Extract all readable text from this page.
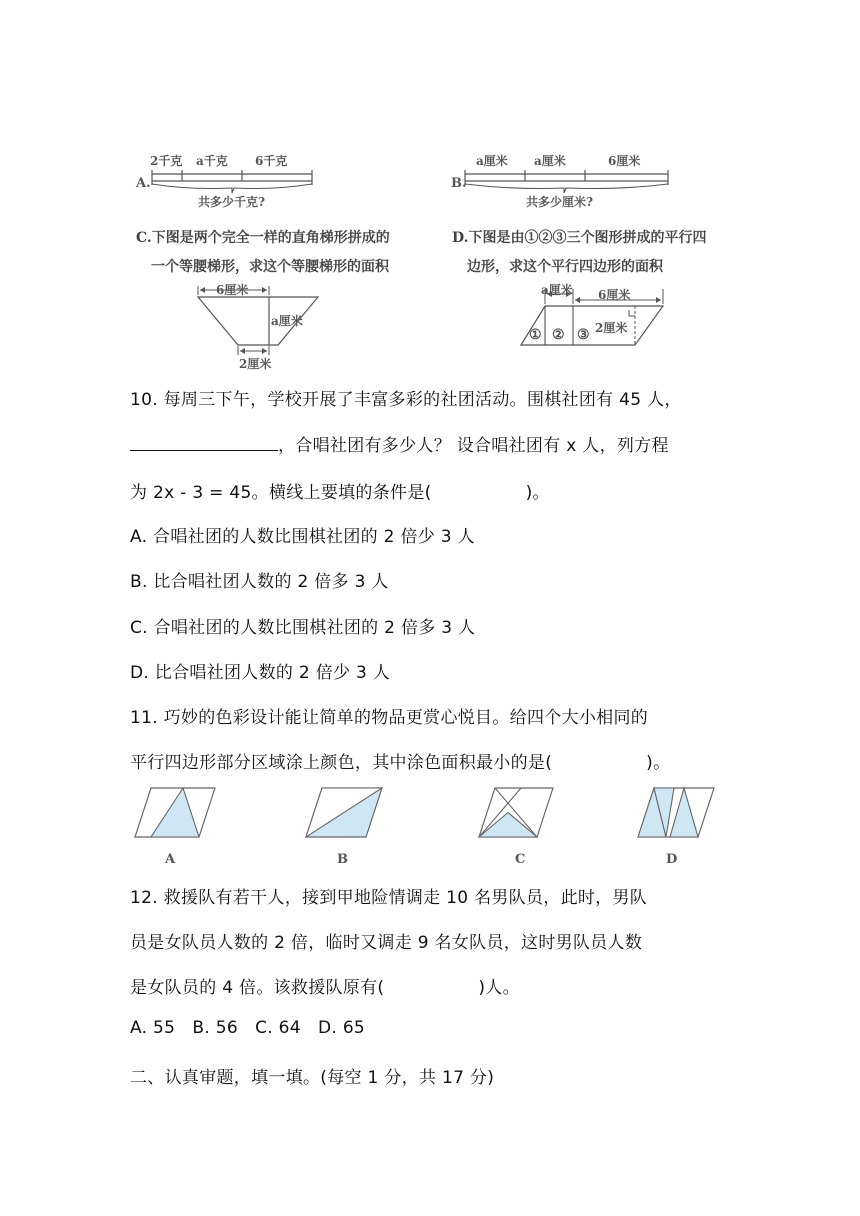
2千克 a千克 6千克
A.
共多少千克?
a厘米 a厘米	6厘米
B.
共多少厘米?
C.下图是两个完全一样的直角梯形拼成的
一个等腰梯形，求这个等腰梯形的面积
D.下图是由①②③三个图形拼成的平行四
边形，求这个平行四边形的面积
6厘米
a厘米
2厘米
a厘米 6厘米
2厘米
① ② ③
10. 每周三下午，学校开展了丰富多彩的社团活动。围棋社团有 45 人，
，合唱社团有多少人？ 设合唱社团有 x 人，列方程
为 2x - 3 = 45。横线上要填的条件是(	)。
A. 合唱社团的人数比围棋社团的 2 倍少 3 人
B. 比合唱社团人数的 2 倍多 3 人
C. 合唱社团的人数比围棋社团的 2 倍多 3 人
D. 比合唱社团人数的 2 倍少 3 人
11. 巧妙的色彩设计能让简单的物品更赏心悦目。给四个大小相同的
平行四边形部分区域涂上颜色，其中涂色面积最小的是(	)。
A	B	C	D
12. 救援队有若干人，接到甲地险情调走 10 名男队员，此时，男队
员是女队员人数的 2 倍，临时又调走 9 名女队员，这时男队员人数
是女队员的 4 倍。该救援队原有(	)人。
A. 55   B. 56   C. 64   D. 65
二、认真审题，填一填。(每空 1 分，共 17 分)
